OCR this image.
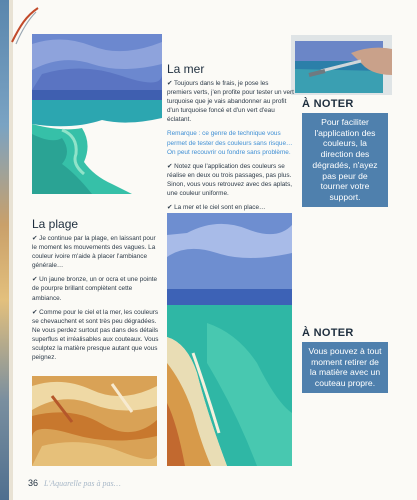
La mer

✔ Toujours dans le frais, je pose les premiers verts, j'en profite pour tester un vert turquoise que je vais abandonner au profit d'un turquoise foncé et d'un vert d'eau éclatant.

Remarque : ce genre de technique vous permet de tester des couleurs sans risque… On peut recouvrir ou fondre sans problème.

✔ Notez que l'application des couleurs se réalise en deux ou trois passages, pas plus. Sinon, vous vous retrouvez avec des aplats, une couleur uniforme.

✔ La mer et le ciel sont en place…

La plage

✔ Je continue par la plage, en laissant pour le moment les mouvements des vagues. La couleur ivoire m'aide à placer l'ambiance générale…

✔ Un jaune bronze, un or ocra et une pointe de pourpre brillant complètent cette ambiance.

✔ Comme pour le ciel et la mer, les couleurs se chevauchent et sont très peu dégradées. Ne vous perdez surtout pas dans des détails superflus et irréalisables aux couteaux. Vous sculptez la matière presque autant que vous peignez.

À NOTER
Pour faciliter l'application des couleurs, la direction des dégradés, n'ayez pas peur de tourner votre support.
À NOTER
Vous pouvez à tout moment retirer de la matière avec un couteau propre.
36 L'Aquarelle pas à pas…
